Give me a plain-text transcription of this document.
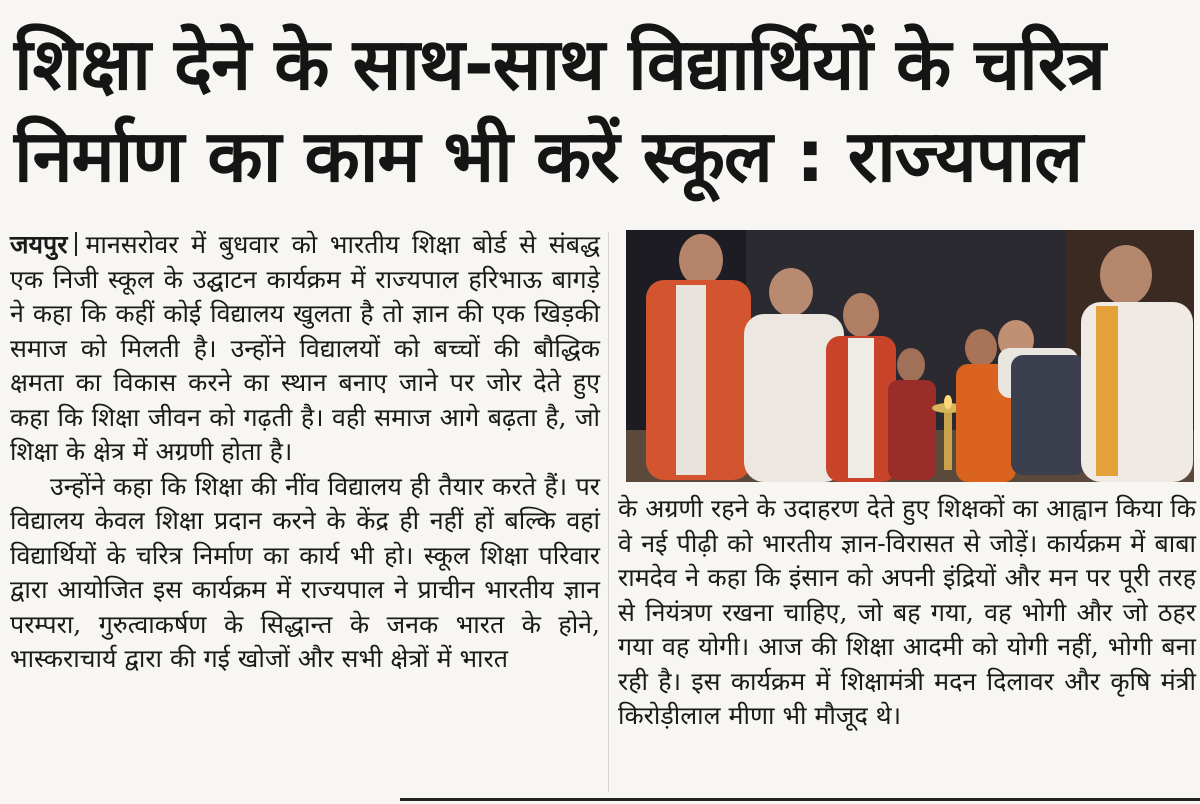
शिक्षा देने के साथ-साथ विद्यार्थियों के चरित्र
निर्माण का काम भी करें स्कूल : राज्यपाल

जयपुर मानसरोवर में बुधवार को भारतीय शिक्षा बोर्ड से संबद्ध एक निजी स्कूल के उद्घाटन कार्यक्रम में राज्यपाल हरिभाऊ बागड़े ने कहा कि कहीं कोई विद्यालय खुलता है तो ज्ञान की एक खिड़की समाज को मिलती है। उन्होंने विद्यालयों को बच्चों की बौद्धिक क्षमता का विकास करने का स्थान बनाए जाने पर जोर देते हुए कहा कि शिक्षा जीवन को गढ़ती है। वही समाज आगे बढ़ता है, जो शिक्षा के क्षेत्र में अग्रणी होता है।

उन्होंने कहा कि शिक्षा की नींव विद्यालय ही तैयार करते हैं। पर विद्यालय केवल शिक्षा प्रदान करने के केंद्र ही नहीं हों बल्कि वहां विद्यार्थियों के चरित्र निर्माण का कार्य भी हो। स्कूल शिक्षा परिवार द्वारा आयोजित इस कार्यक्रम में राज्यपाल ने प्राचीन भारतीय ज्ञान परम्परा, गुरुत्वाकर्षण के सिद्धान्त के जनक भारत के होने, भास्कराचार्य द्वारा की गई खोजों और सभी क्षेत्रों में भारत

के अग्रणी रहने के उदाहरण देते हुए शिक्षकों का आह्वान किया कि वे नई पीढ़ी को भारतीय ज्ञान-विरासत से जोड़ें। कार्यक्रम में बाबा रामदेव ने कहा कि इंसान को अपनी इंद्रियों और मन पर पूरी तरह से नियंत्रण रखना चाहिए, जो बह गया, वह भोगी और जो ठहर गया वह योगी। आज की शिक्षा आदमी को योगी नहीं, भोगी बना रही है। इस कार्यक्रम में शिक्षामंत्री मदन दिलावर और कृषि मंत्री किरोड़ीलाल मीणा भी मौजूद थे।
